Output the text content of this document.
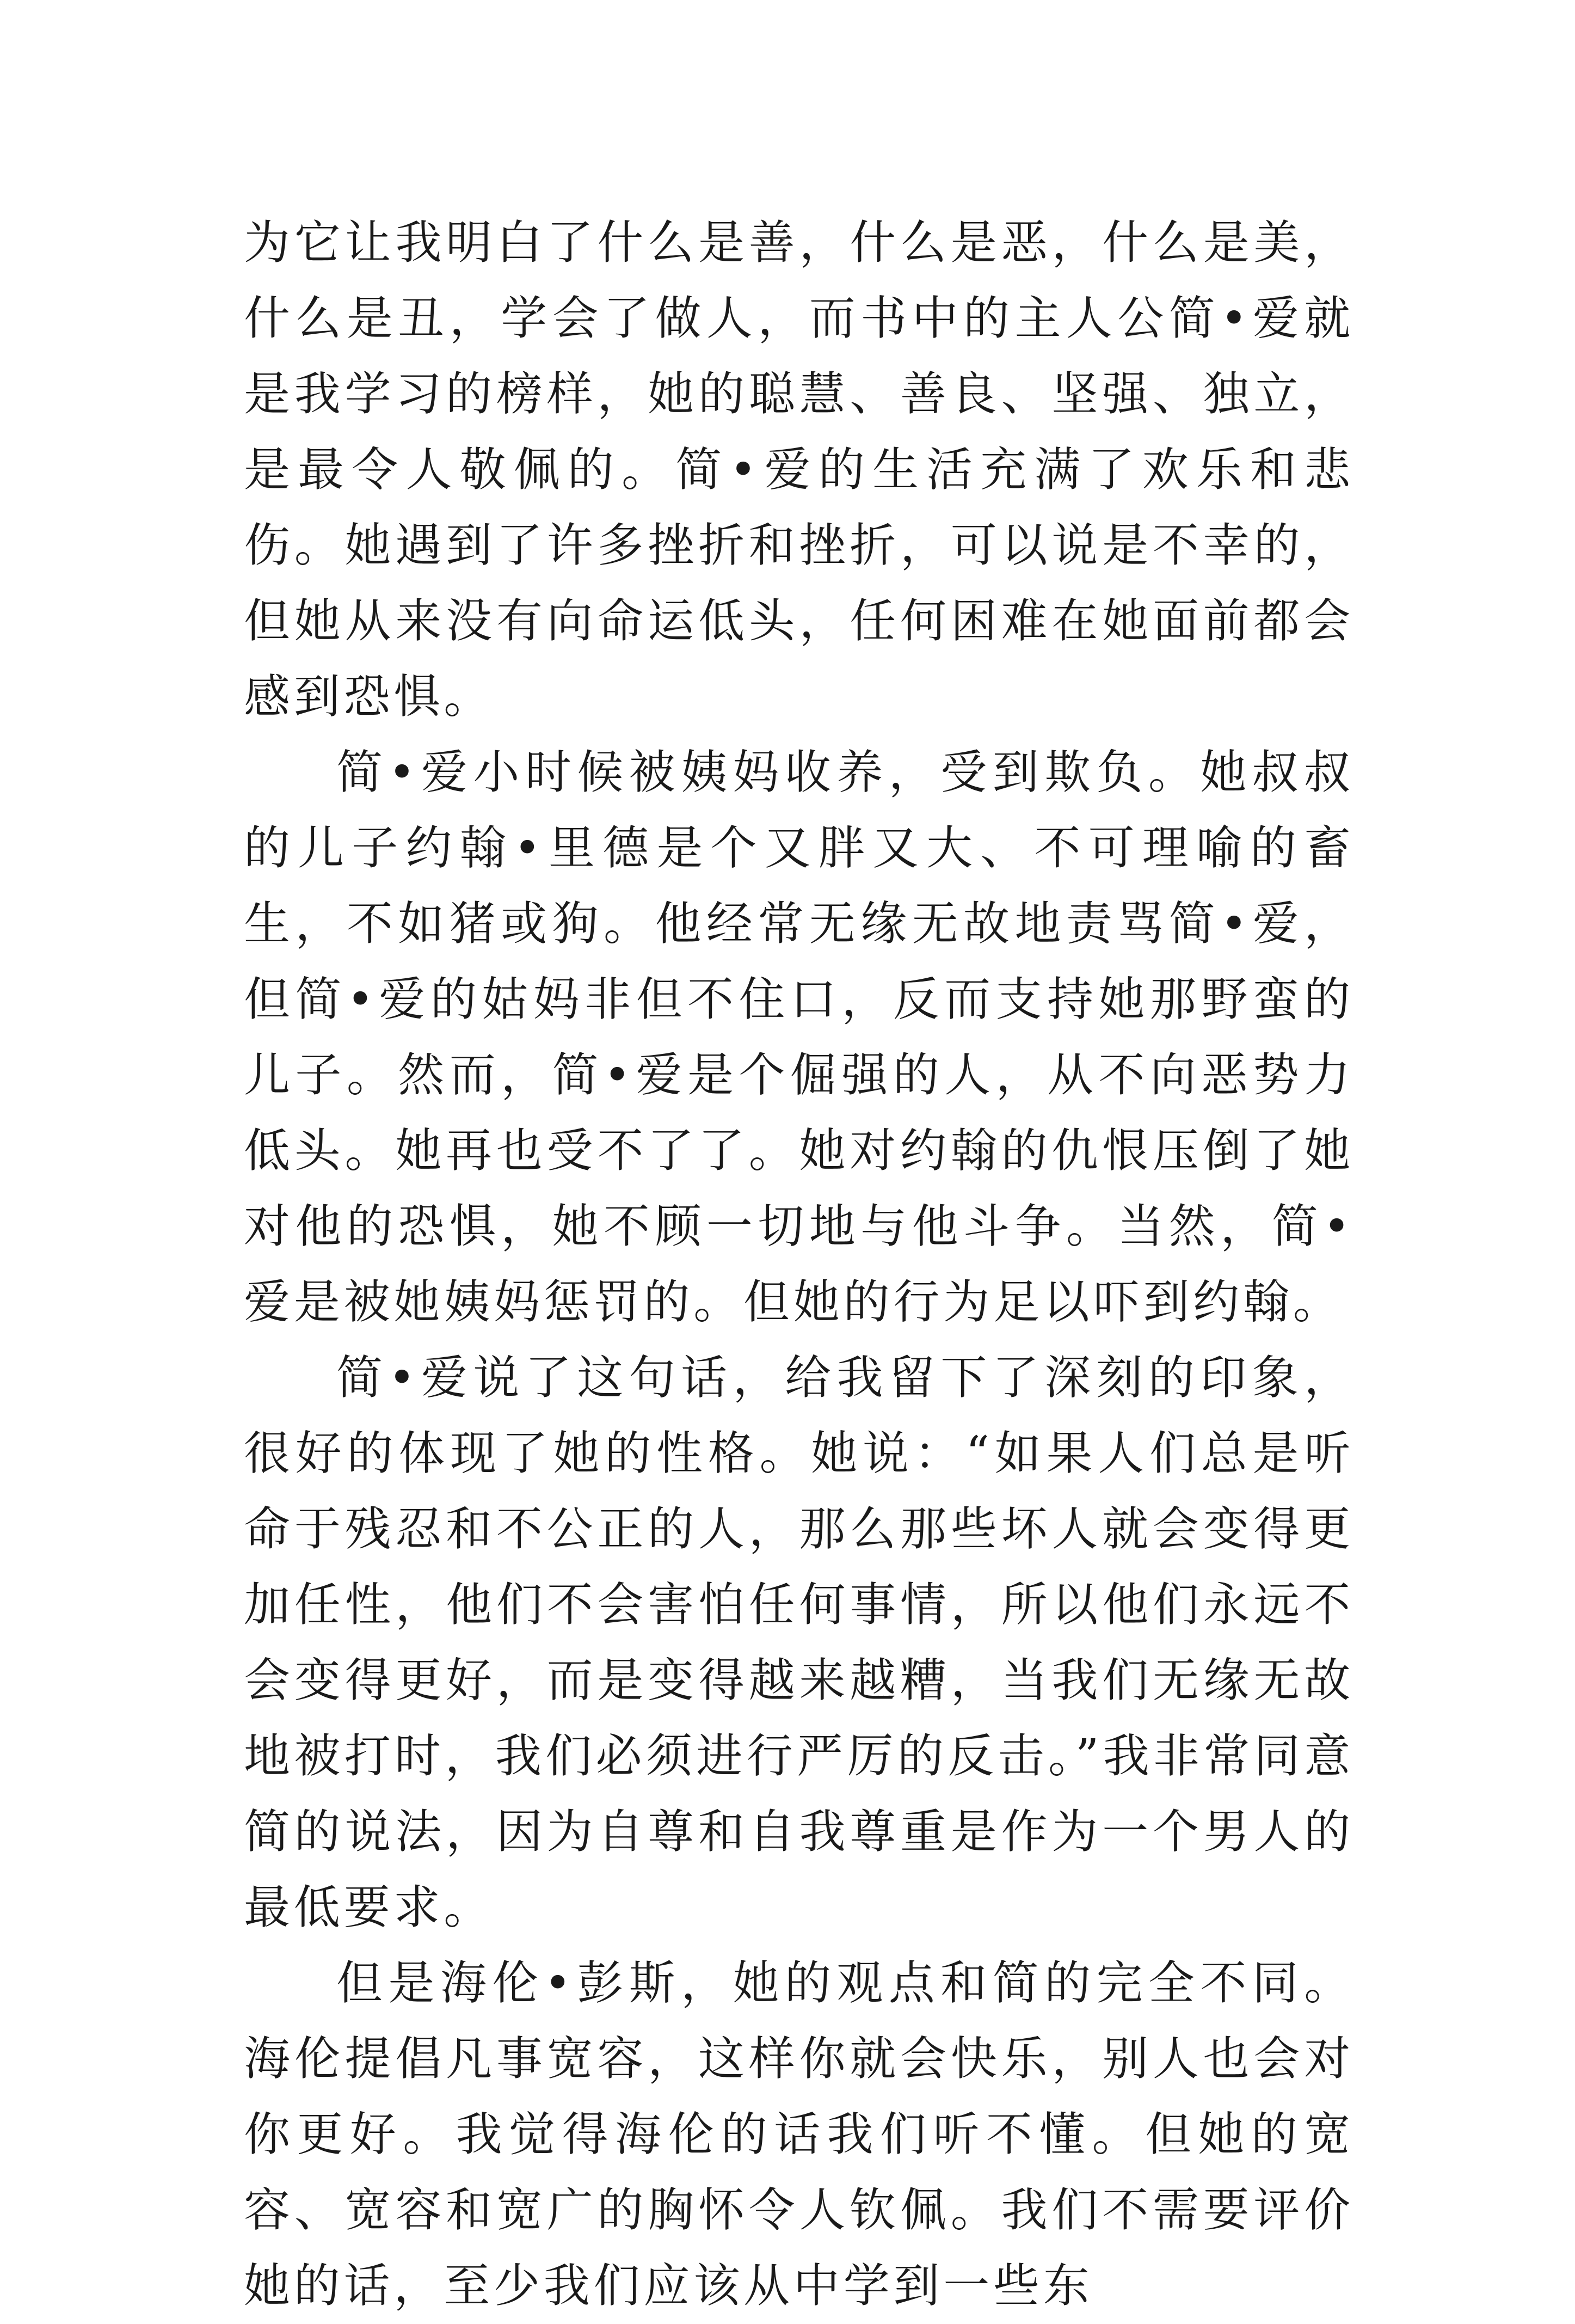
为它让我明白了什么是善，什么是恶，什么是美，什么是丑，学会了做人，而书中的主人公简•爱就是我学习的榜样，她的聪慧、善良、坚强、独立，是最令人敬佩的。简•爱的生活充满了欢乐和悲伤。她遇到了许多挫折和挫折，可以说是不幸的，但她从来没有向命运低头，任何困难在她面前都会感到恐惧。

简•爱小时候被姨妈收养，受到欺负。她叔叔的儿子约翰•里德是个又胖又大、不可理喻的畜生，不如猪或狗。他经常无缘无故地责骂简•爱，但简•爱的姑妈非但不住口，反而支持她那野蛮的儿子。然而，简•爱是个倔强的人，从不向恶势力低头。她再也受不了了。她对约翰的仇恨压倒了她对他的恐惧，她不顾一切地与他斗争。当然，简•爱是被她姨妈惩罚的。但她的行为足以吓到约翰。

简•爱说了这句话，给我留下了深刻的印象，很好的体现了她的性格。她说：“如果人们总是听命于残忍和不公正的人，那么那些坏人就会变得更加任性，他们不会害怕任何事情，所以他们永远不会变得更好，而是变得越来越糟，当我们无缘无故地被打时，我们必须进行严厉的反击。”我非常同意简的说法，因为自尊和自我尊重是作为一个男人的最低要求。

但是海伦•彭斯，她的观点和简的完全不同。海伦提倡凡事宽容，这样你就会快乐，别人也会对你更好。我觉得海伦的话我们听不懂。但她的宽容、宽容和宽广的胸怀令人钦佩。我们不需要评价她的话，至少我们应该从中学到一些东
